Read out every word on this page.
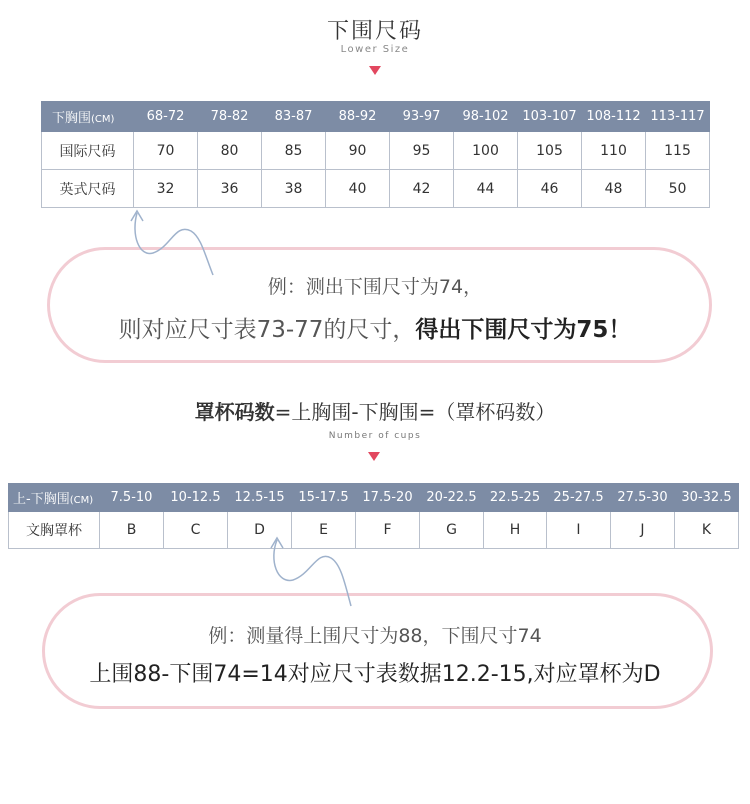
下围尺码
Lower Size
下胸围(CM)	68-72	78-82	83-87	88-92	93-97	98-102	103-107	108-112	113-117
国际尺码	70	80	85	90	95	100	105	110	115
英式尺码	32	36	38	40	42	44	46	48	50
例：测出下围尺寸为74，
则对应尺寸表73-77的尺寸，得出下围尺寸为75！
罩杯码数=上胸围-下胸围=（罩杯码数）
Number of cups
上-下胸围(CM)	7.5-10	10-12.5	12.5-15	15-17.5	17.5-20	20-22.5	22.5-25	25-27.5	27.5-30	30-32.5
文胸罩杯	B	C	D	E	F	G	H	I	J	K
例：测量得上围尺寸为88，下围尺寸74
上围88-下围74=14对应尺寸表数据12.2-15,对应罩杯为D
